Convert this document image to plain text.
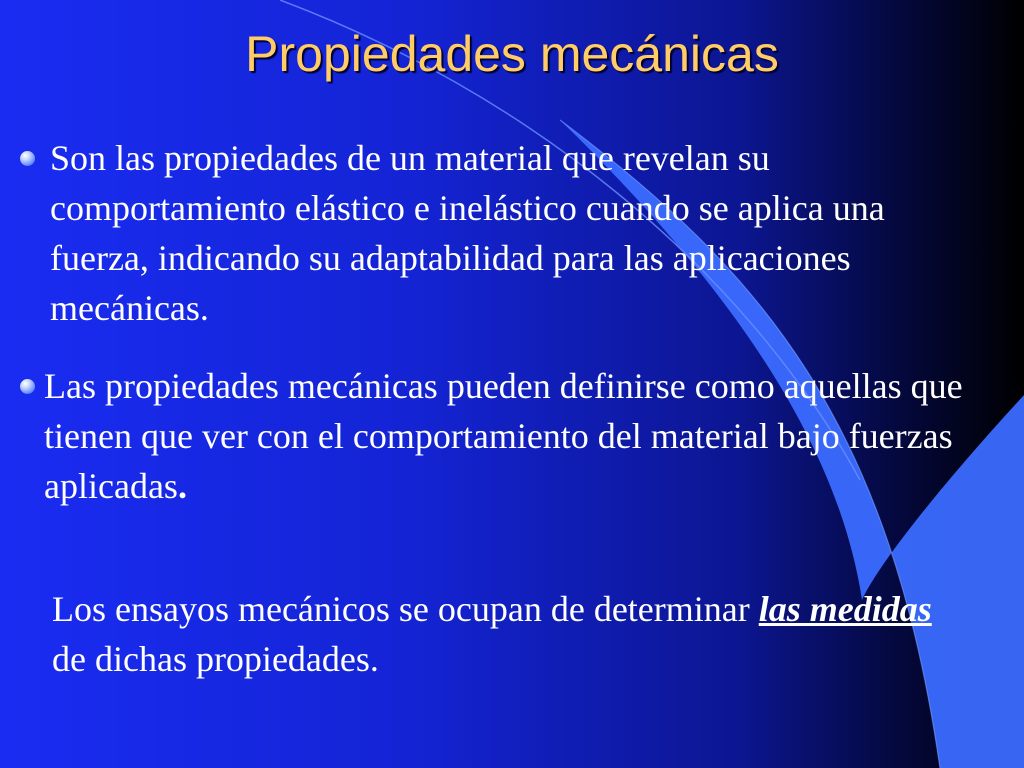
Propiedades mecánicas

Son las propiedades de un material que revelan su comportamiento elástico e inelástico cuando se aplica una fuerza, indicando su adaptabilidad para las aplicaciones mecánicas.

Las propiedades mecánicas pueden definirse como aquellas que tienen que ver con el comportamiento del material bajo fuerzas aplicadas.

Los ensayos mecánicos se ocupan de determinar las medidas de dichas propiedades.
